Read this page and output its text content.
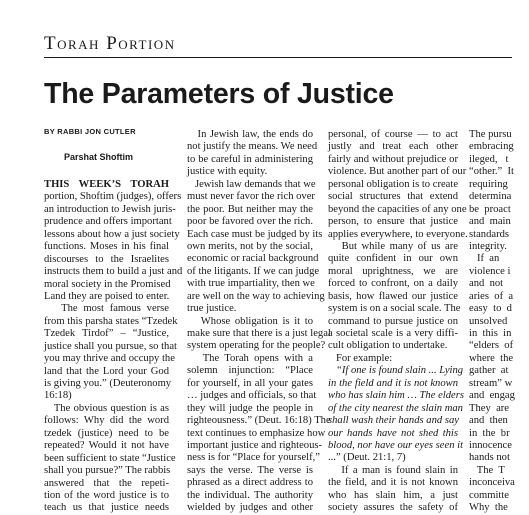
Torah Portion
The Parameters of Justice
BY RABBI JON CUTLER
Parshat Shoftim
THIS WEEK’S TORAH
portion, Shoftim (judges), offers
an introduction to Jewish juris-
prudence and offers important
lessons about how a just society
functions. Moses in his final
discourses to the Israelites
instructs them to build a just and
moral society in the Promised
Land they are poised to enter.
The most famous verse
from this parsha states “Tzedek
Tzedek Tirdof” – “Justice,
justice shall you pursue, so that
you may thrive and occupy the
land that the Lord your God
is giving you.” (Deuteronomy
16:18)
The obvious question is as
follows: Why did the word
tzedek (justice) need to be
repeated? Would it not have
been sufficient to state “Justice
shall you pursue?” The rabbis
answered that the repeti-
tion of the word justice is to
teach us that justice needs
In Jewish law, the ends do
not justify the means. We need
to be careful in administering
justice with equity.
Jewish law demands that we
must never favor the rich over
the poor. But neither may the
poor be favored over the rich.
Each case must be judged by its
own merits, not by the social,
economic or racial background
of the litigants. If we can judge
with true impartiality, then we
are well on the way to achieving
true justice.
Whose obligation is it to
make sure that there is a just legal
system operating for the people?
The Torah opens with a
solemn injunction: “Place
for yourself, in all your gates
… judges and officials, so that
they will judge the people in
righteousness.” (Deut. 16:18) The
text continues to emphasize how
important justice and righteous-
ness is for “Place for yourself,”
says the verse. The verse is
phrased as a direct address to
the individual. The authority
wielded by judges and other
personal, of course — to act
justly and treat each other
fairly and without prejudice or
violence. But another part of our
personal obligation is to create
social structures that extend
beyond the capacities of any one
person, to ensure that justice
applies everywhere, to everyone.
But while many of us are
quite confident in our own
moral uprightness, we are
forced to confront, on a daily
basis, how flawed our justice
system is on a social scale. The
command to pursue justice on
a societal scale is a very diffi-
cult obligation to undertake.
For example:
“If one is found slain ... Lying
in the field and it is not known
who has slain him … The elders
of the city nearest the slain man
shall wash their hands and say
our hands have not shed this
blood, nor have our eyes seen it
...” (Deut. 21:1, 7)
If a man is found slain in
the field, and it is not known
who has slain him, a just
society assures the safety of
The pursu
embracing
ileged,   t
“other.”  It
requiring
determina
be  proact
and  main
standards
integrity.
If  an
violence i
and  not
aries  of  a
easy  to  d
unsolved
in  this  in
“elders  of
where  the
gather  at
stream” w
and  engag
They  are
and  then
in  the  br
innocence
hands not
The  T
inconceiva
committe
Why  the
